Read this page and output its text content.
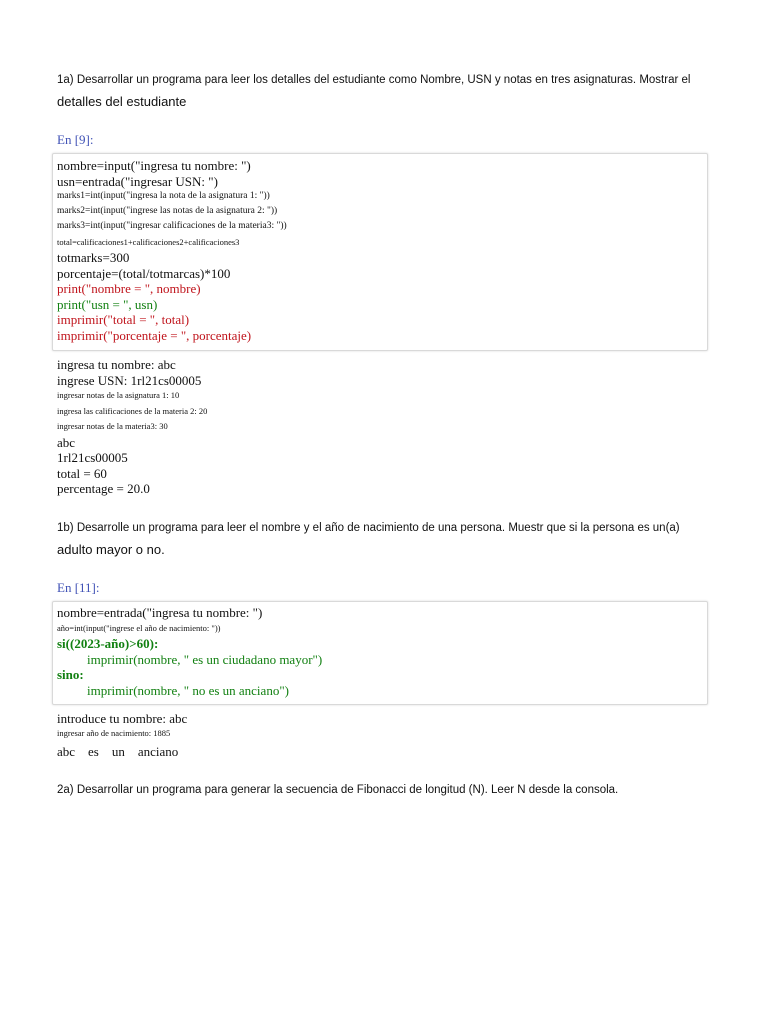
1a) Desarrollar un programa para leer los detalles del estudiante como Nombre, USN y notas en tres asignaturas. Mostrar el
detalles del estudiante

En [9]:
nombre=input("ingresa tu nombre: ")
usn=entrada("ingresar USN: ")
marks1=int(input("ingresa la nota de la asignatura 1: "))
marks2=int(input("ingrese las notas de la asignatura 2: "))
marks3=int(input("ingresar calificaciones de la materia3: "))
total=calificaciones1+calificaciones2+calificaciones3
totmarks=300
porcentaje=(total/totmarcas)*100
print("nombre = ", nombre)
print("usn = ", usn)
imprimir("total = ", total)
imprimir("porcentaje = ", porcentaje)
ingresa tu nombre: abc
ingrese USN: 1rl21cs00005
ingresar notas de la asignatura 1: 10
ingresa las calificaciones de la materia 2: 20
ingresar notas de la materia3: 30
abc
1rl21cs00005
total = 60
percentage = 20.0

1b) Desarrolle un programa para leer el nombre y el año de nacimiento de una persona. Muestr que si la persona es un(a)
adulto mayor o no.

En [11]:
nombre=entrada("ingresa tu nombre: ")
año=int(input("ingrese el año de nacimiento: "))
si((2023-año)>60):
imprimir(nombre, " es un ciudadano mayor")
sino:
imprimir(nombre, " no es un anciano")
introduce tu nombre: abc
ingresar año de nacimiento: 1885
abc    es    un    anciano

2a) Desarrollar un programa para generar la secuencia de Fibonacci de longitud (N). Leer N desde la consola.
